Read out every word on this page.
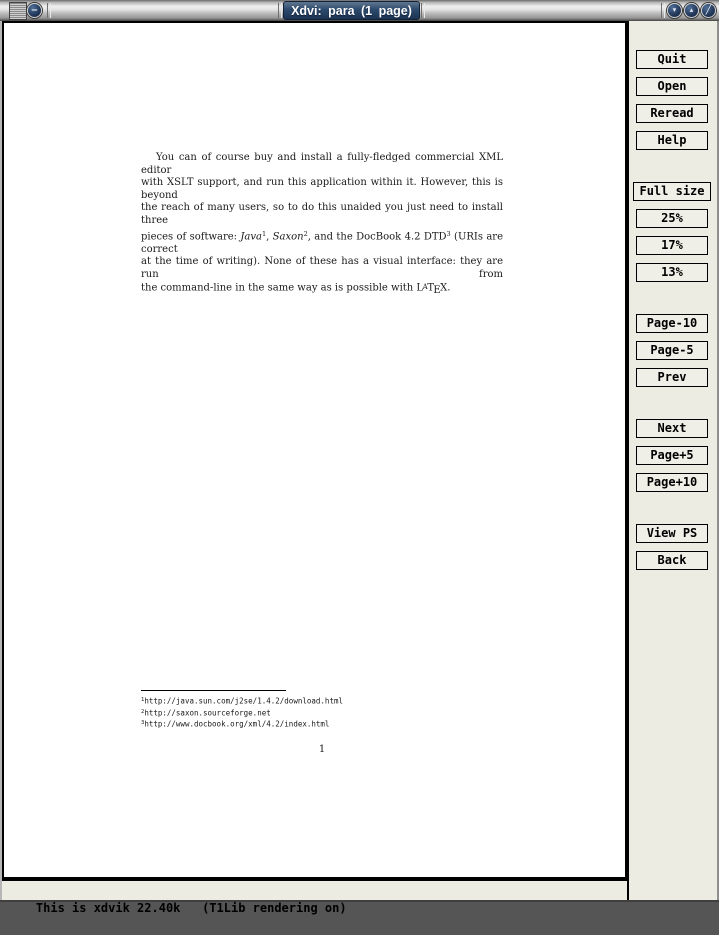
–	Xdvi: para (1 page)	▾	▴	╱
You can of course buy and install a fully-fledged commercial XML editor
with XSLT support, and run this application within it. However, this is beyond
the reach of many users, so to do this unaided you just need to install three
pieces of software: Java$^1$, Saxon$^2$, and the DocBook 4.2 DTD$^3$ (URIs are correct
at the time of writing). None of these has a visual interface: they are run from
the command-line in the same way as is possible with LATEX.
$^1$http://java.sun.com/j2se/1.4.2/download.html
$^2$http://saxon.sourceforge.net
$^3$http://www.docbook.org/xml/4.2/index.html
1
Quit
Open
Reread
Help
Full size
25%
17%
13%
Page-10
Page-5
Prev
Next
Page+5
Page+10
View PS
Back

This is xdvik 22.40k   (T1Lib rendering on)
